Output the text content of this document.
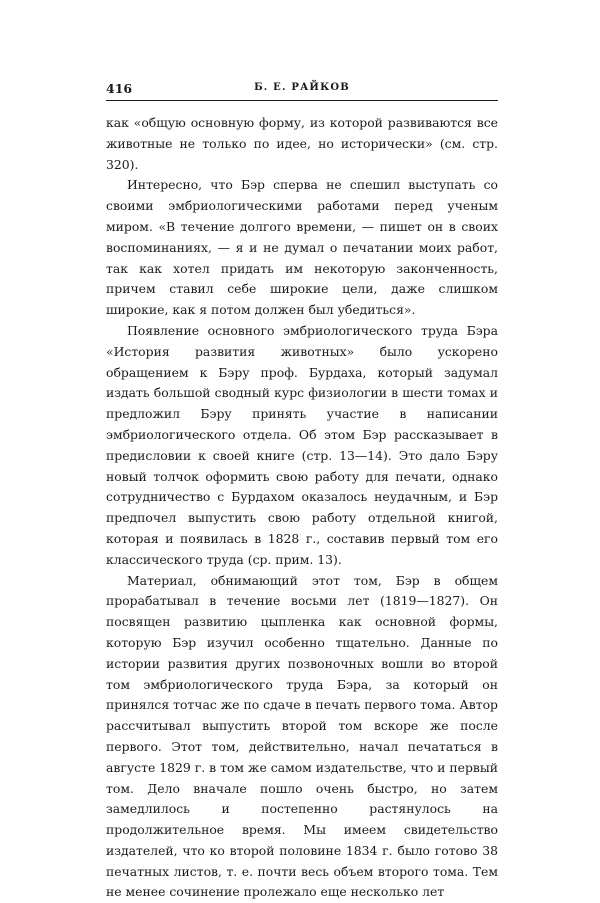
416	Б. Е. РАЙКОВ

как «общую основную форму, из которой развиваются все животные не только по идее, но исторически» (см. стр. 320).

Интересно, что Бэр сперва не спешил выступать со своими эмбриологическими работами перед ученым миром. «В течение долгого времени, — пишет он в своих воспоминаниях, — я и не думал о печатании моих работ, так как хотел придать им некоторую законченность, причем ставил себе широкие цели, даже слишком широкие, как я потом должен был убедиться».

Появление основного эмбриологического труда Бэра «История развития животных» было ускорено обращением к Бэру проф. Бурдаха, который задумал издать большой сводный курс физиологии в шести томах и предложил Бэру принять участие в написании эмбриологического отдела. Об этом Бэр рассказывает в предисловии к своей книге (стр. 13—14). Это дало Бэру новый толчок оформить свою работу для печати, однако сотрудничество с Бурдахом оказалось неудачным, и Бэр предпочел выпустить свою работу отдельной книгой, которая и появилась в 1828 г., составив первый том его классического труда (ср. прим. 13).

Материал, обнимающий этот том, Бэр в общем прорабатывал в течение восьми лет (1819—1827). Он посвящен развитию цыпленка как основной формы, которую Бэр изучил особенно тщательно. Данные по истории развития других позвоночных вошли во второй том эмбриологического труда Бэра, за который он принялся тотчас же по сдаче в печать первого тома. Автор рассчитывал выпустить второй том вскоре же после первого. Этот том, действительно, начал печататься в августе 1829 г. в том же самом издательстве, что и первый том. Дело вначале пошло очень быстро, но затем замедлилось и постепенно растянулось на продолжительное время. Мы имеем свидетельство издателей, что ко второй половине 1834 г. было готово 38 печатных листов, т. е. почти весь объем второго тома. Тем не менее сочинение пролежало еще несколько лет
